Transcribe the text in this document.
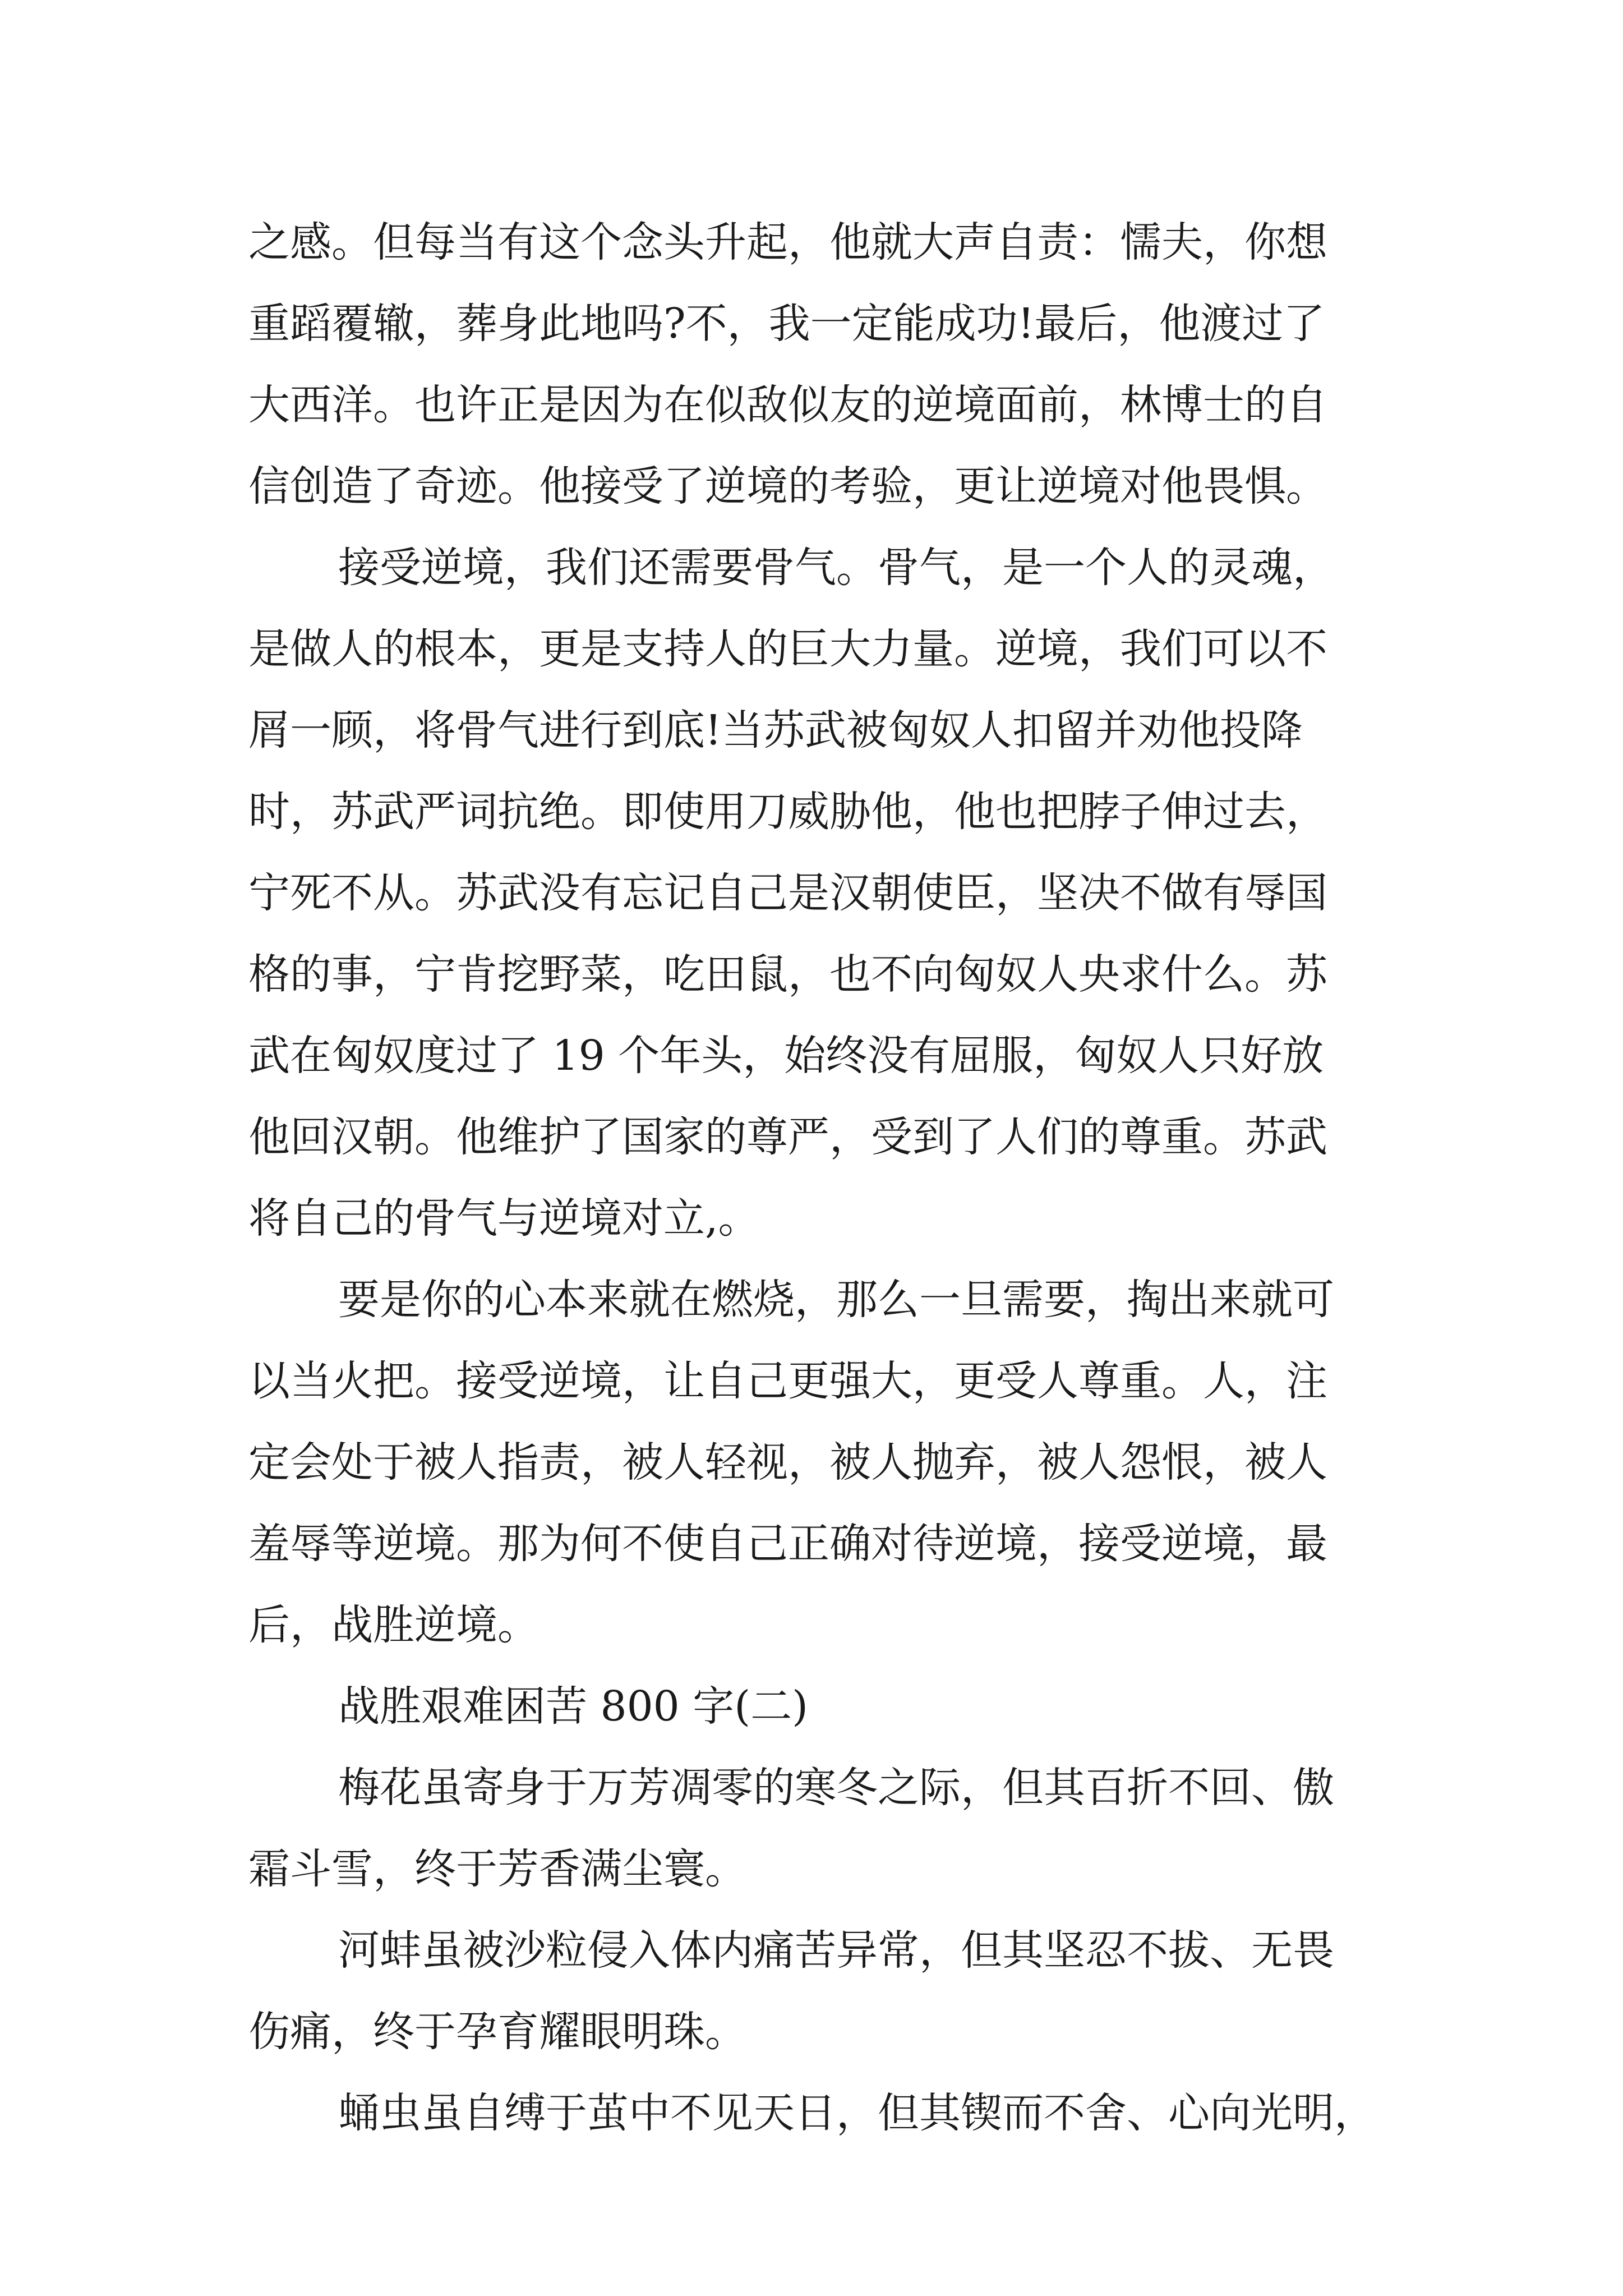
之感。但每当有这个念头升起，他就大声自责：懦夫，你想
重蹈覆辙，葬身此地吗?不，我一定能成功!最后，他渡过了
大西洋。也许正是因为在似敌似友的逆境面前，林博士的自
信创造了奇迹。他接受了逆境的考验，更让逆境对他畏惧。
接受逆境，我们还需要骨气。骨气，是一个人的灵魂，
是做人的根本，更是支持人的巨大力量。逆境，我们可以不
屑一顾，将骨气进行到底!当苏武被匈奴人扣留并劝他投降
时，苏武严词抗绝。即使用刀威胁他，他也把脖子伸过去，
宁死不从。苏武没有忘记自己是汉朝使臣，坚决不做有辱国
格的事，宁肯挖野菜，吃田鼠，也不向匈奴人央求什么。苏
武在匈奴度过了 19 个年头，始终没有屈服，匈奴人只好放
他回汉朝。他维护了国家的尊严，受到了人们的尊重。苏武
将自己的骨气与逆境对立,。
要是你的心本来就在燃烧，那么一旦需要，掏出来就可
以当火把。接受逆境，让自己更强大，更受人尊重。人，注
定会处于被人指责，被人轻视，被人抛弃，被人怨恨，被人
羞辱等逆境。那为何不使自己正确对待逆境，接受逆境，最
后，战胜逆境。
战胜艰难困苦 800 字(二)
梅花虽寄身于万芳凋零的寒冬之际，但其百折不回、傲
霜斗雪，终于芳香满尘寰。
河蚌虽被沙粒侵入体内痛苦异常，但其坚忍不拔、无畏
伤痛，终于孕育耀眼明珠。
蛹虫虽自缚于茧中不见天日，但其锲而不舍、心向光明，
